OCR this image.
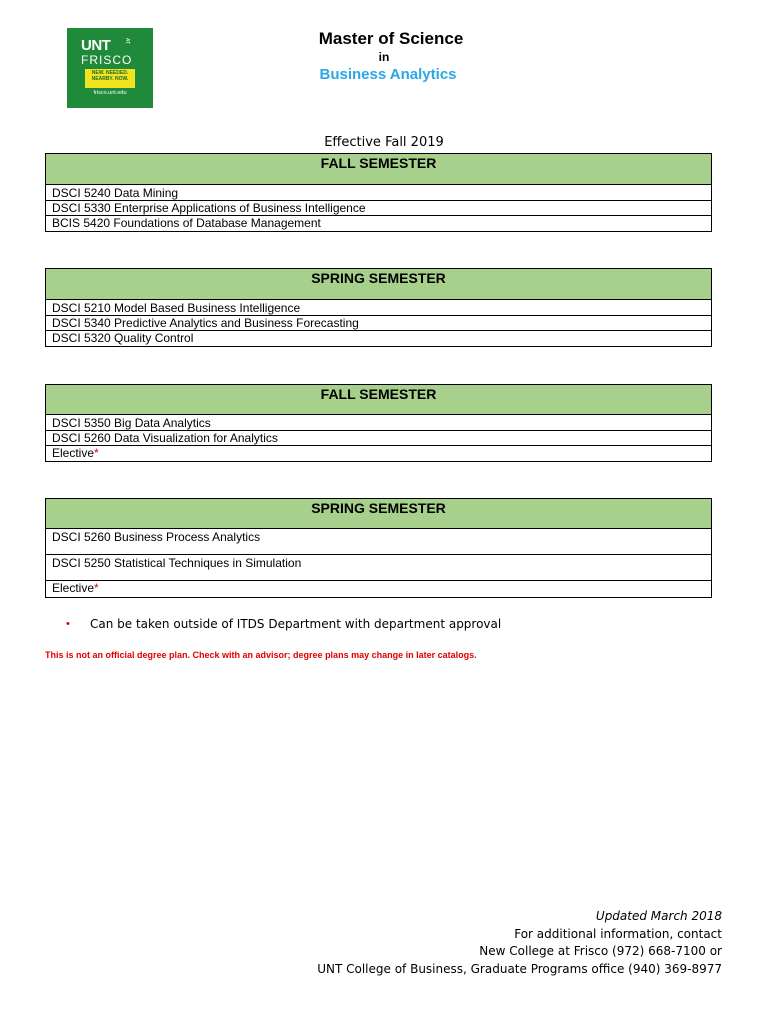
UNT	AT
FRISCO
NEW. NEEDED. NEARBY. NOW.
frisco.unt.edu
Master of Science
in
Business Analytics
Effective Fall 2019
FALL SEMESTER
DSCI 5240 Data Mining
DSCI 5330 Enterprise Applications of Business Intelligence
BCIS 5420 Foundations of Database Management
SPRING SEMESTER
DSCI 5210 Model Based Business Intelligence
DSCI 5340 Predictive Analytics and Business Forecasting
DSCI 5320 Quality Control
FALL SEMESTER
DSCI 5350 Big Data Analytics
DSCI 5260 Data Visualization for Analytics
Elective*
SPRING SEMESTER
DSCI 5260 Business Process Analytics
DSCI 5250 Statistical Techniques in Simulation
Elective*
• Can be taken outside of ITDS Department with department approval
This is not an official degree plan. Check with an advisor; degree plans may change in later catalogs.
Updated March 2018
For additional information, contact
New College at Frisco (972) 668-7100 or
UNT College of Business, Graduate Programs office (940) 369-8977
